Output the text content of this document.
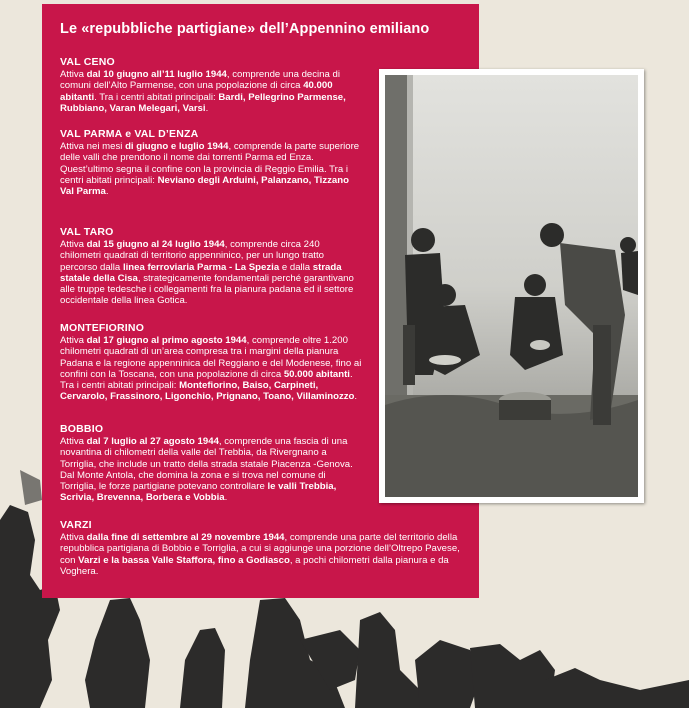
Le «repubbliche partigiane» dell’Appennino emiliano
VAL CENO

Attiva dal 10 giugno all’11 luglio 1944, comprende una decina di comuni dell’Alto Parmense, con una popolazione di circa 40.000 abitanti. Tra i centri abitati principali: Bardi, Pellegrino Parmense, Rubbiano, Varan Melegari, Varsi.

VAL PARMA e VAL D’ENZA

Attiva nei mesi di giugno e luglio 1944, comprende la parte superiore delle valli che prendono il nome dai torrenti Parma ed Enza. Quest’ultimo segna il confine con la provincia di Reggio Emilia. Tra i centri abitati principali: Neviano degli Arduini, Palanzano, Tizzano Val Parma.

VAL TARO

Attiva dal 15 giugno al 24 luglio 1944, comprende circa 240 chilometri quadrati di territorio appenninico, per un lungo tratto percorso dalla linea ferroviaria Parma - La Spezia e dalla strada statale della Cisa, strategicamente fondamentali perché garantivano alle truppe tedesche i collegamenti fra la pianura padana ed il settore occidentale della linea Gotica.

MONTEFIORINO

Attiva dal 17 giugno al primo agosto 1944, comprende oltre 1.200 chilometri quadrati di un’area compresa tra i margini della pianura Padana e la regione appenninica del Reggiano e del Modenese, fino ai confini con la Toscana, con una popolazione di circa 50.000 abitanti. Tra i centri abitati principali: Montefiorino, Baiso, Carpineti, Cervarolo, Frassinoro, Ligonchio, Prignano, Toano, Villaminozzo.

BOBBIO

Attiva dal 7 luglio al 27 agosto 1944, comprende una fascia di una novantina di chilometri della valle del Trebbia, da Rivergnano a Torriglia, che include un tratto della strada statale Piacenza -Genova. Dal Monte Antola, che domina la zona e si trova nel comune di Torriglia, le forze partigiane potevano controllare le valli Trebbia, Scrivia, Brevenna, Borbera e Vobbia.

VARZI

Attiva dalla fine di settembre al 29 novembre 1944, comprende una parte del territorio della repubblica partigiana di Bobbio e Torriglia, a cui si aggiunge una porzione dell’Oltrepo Pavese, con Varzi e la bassa Valle Staffora, fino a Godiasco, a pochi chilometri dalla pianura e da Voghera.
